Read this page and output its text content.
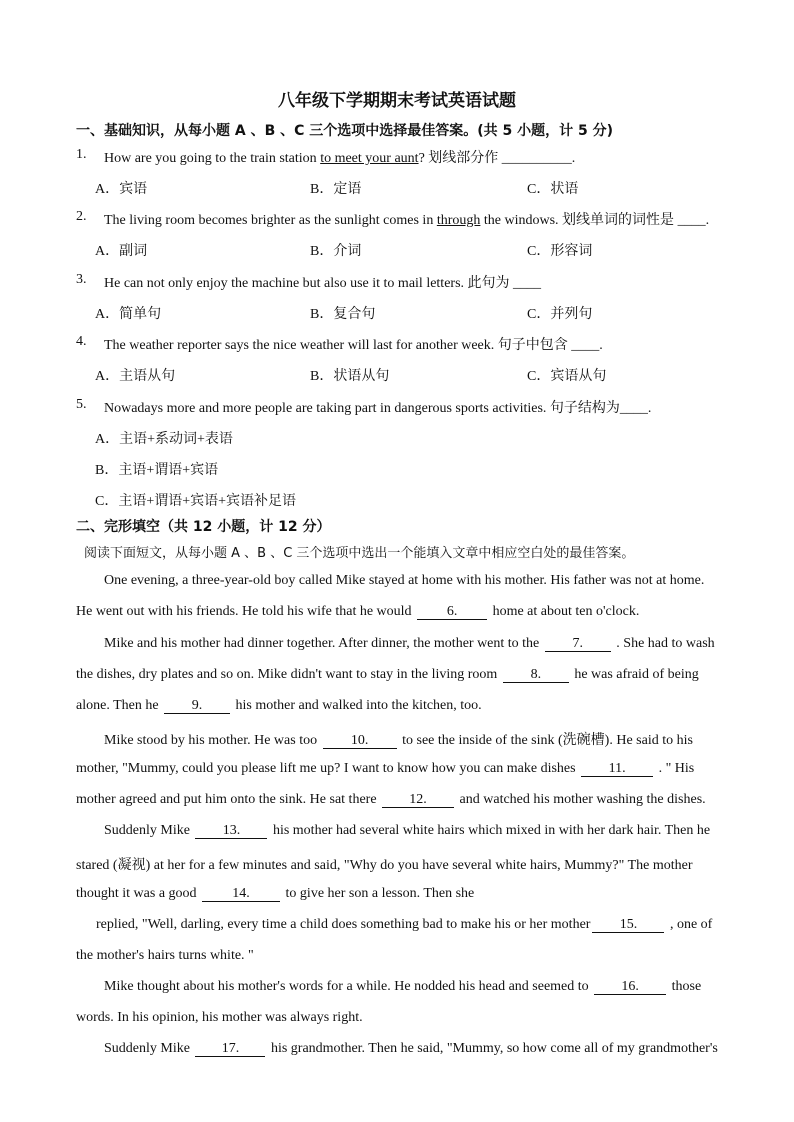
八年级下学期期末考试英语试题
一、基础知识，从每小题 A 、B 、C 三个选项中选择最佳答案。(共 5 小题，计 5 分)
1. How are you going to the train station to meet your aunt? 划线部分作 __________.
A．宾语	B．定语	C．状语
2. The living room becomes brighter as the sunlight comes in through the windows. 划线单词的词性是 ____.
A．副词	B．介词	C．形容词
3. He can not only enjoy the machine but also use it to mail letters. 此句为 ____
A．简单句	B．复合句	C．并列句
4. The weather reporter says the nice weather will last for another week. 句子中包含 ____.
A．主语从句	B．状语从句	C．宾语从句
5. Nowadays more and more people are taking part in dangerous sports activities. 句子结构为____.
A．主语+系动词+表语
B．主语+谓语+宾语
C．主语+谓语+宾语+宾语补足语
二、完形填空（共 12 小题，计 12 分）
阅读下面短文，从每小题 A 、B 、C 三个选项中选出一个能填入文章中相应空白处的最佳答案。
One evening, a three-year-old boy called Mike stayed at home with his mother. His father was not at home.
He went out with his friends. He told his wife that he would 6. home at about ten o'clock.
Mike and his mother had dinner together. After dinner, the mother went to the 7. . She had to wash
the dishes, dry plates and so on. Mike didn't want to stay in the living room 8. he was afraid of being
alone. Then he 9. his mother and walked into the kitchen, too.
Mike stood by his mother. He was too 10. to see the inside of the sink (洗碗槽). He said to his
mother, "Mummy, could you please lift me up? I want to know how you can make dishes 11. . " His
mother agreed and put him onto the sink. He sat there 12. and watched his mother washing the dishes.
Suddenly Mike 13. his mother had several white hairs which mixed in with her dark hair. Then he
stared (凝视) at her for a few minutes and said, "Why do you have several white hairs, Mummy?" The mother
thought it was a good 14. to give her son a lesson. Then she
replied, "Well, darling, every time a child does something bad to make his or her mother 15. , one of
the mother's hairs turns white. "
Mike thought about his mother's words for a while. He nodded his head and seemed to 16. those
words. In his opinion, his mother was always right.
Suddenly Mike 17. his grandmother. Then he said, "Mummy, so how come all of my grandmother's
